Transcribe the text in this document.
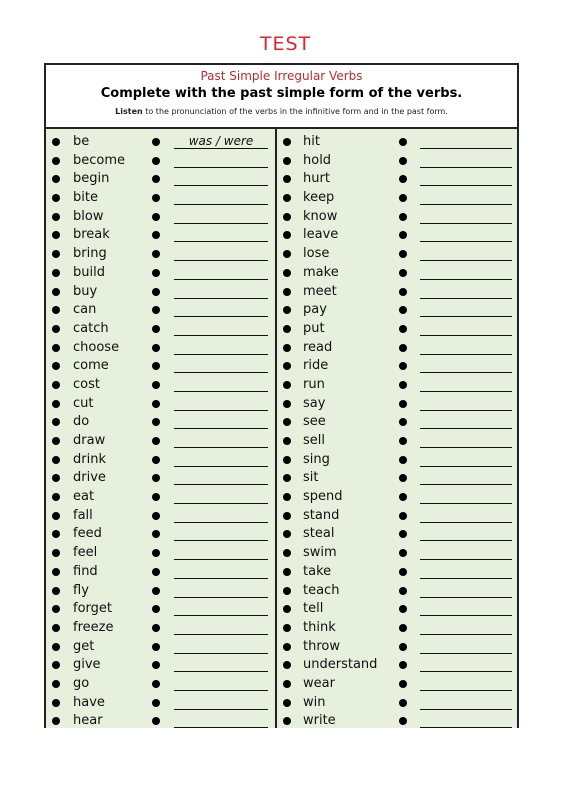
TEST
Past Simple Irregular Verbs
Complete with the past simple form of the verbs.
Listen to the pronunciation of the verbs in the infinitive form and in the past form.
be	was / were
become
begin
bite
blow
break
bring
build
buy
can
catch
choose
come
cost
cut
do
draw
drink
drive
eat
fall
feed
feel
find
fly
forget
freeze
get
give
go
have
hear
hit
hold
hurt
keep
know
leave
lose
make
meet
pay
put
read
ride
run
say
see
sell
sing
sit
spend
stand
steal
swim
take
teach
tell
think
throw
understand
wear
win
write
